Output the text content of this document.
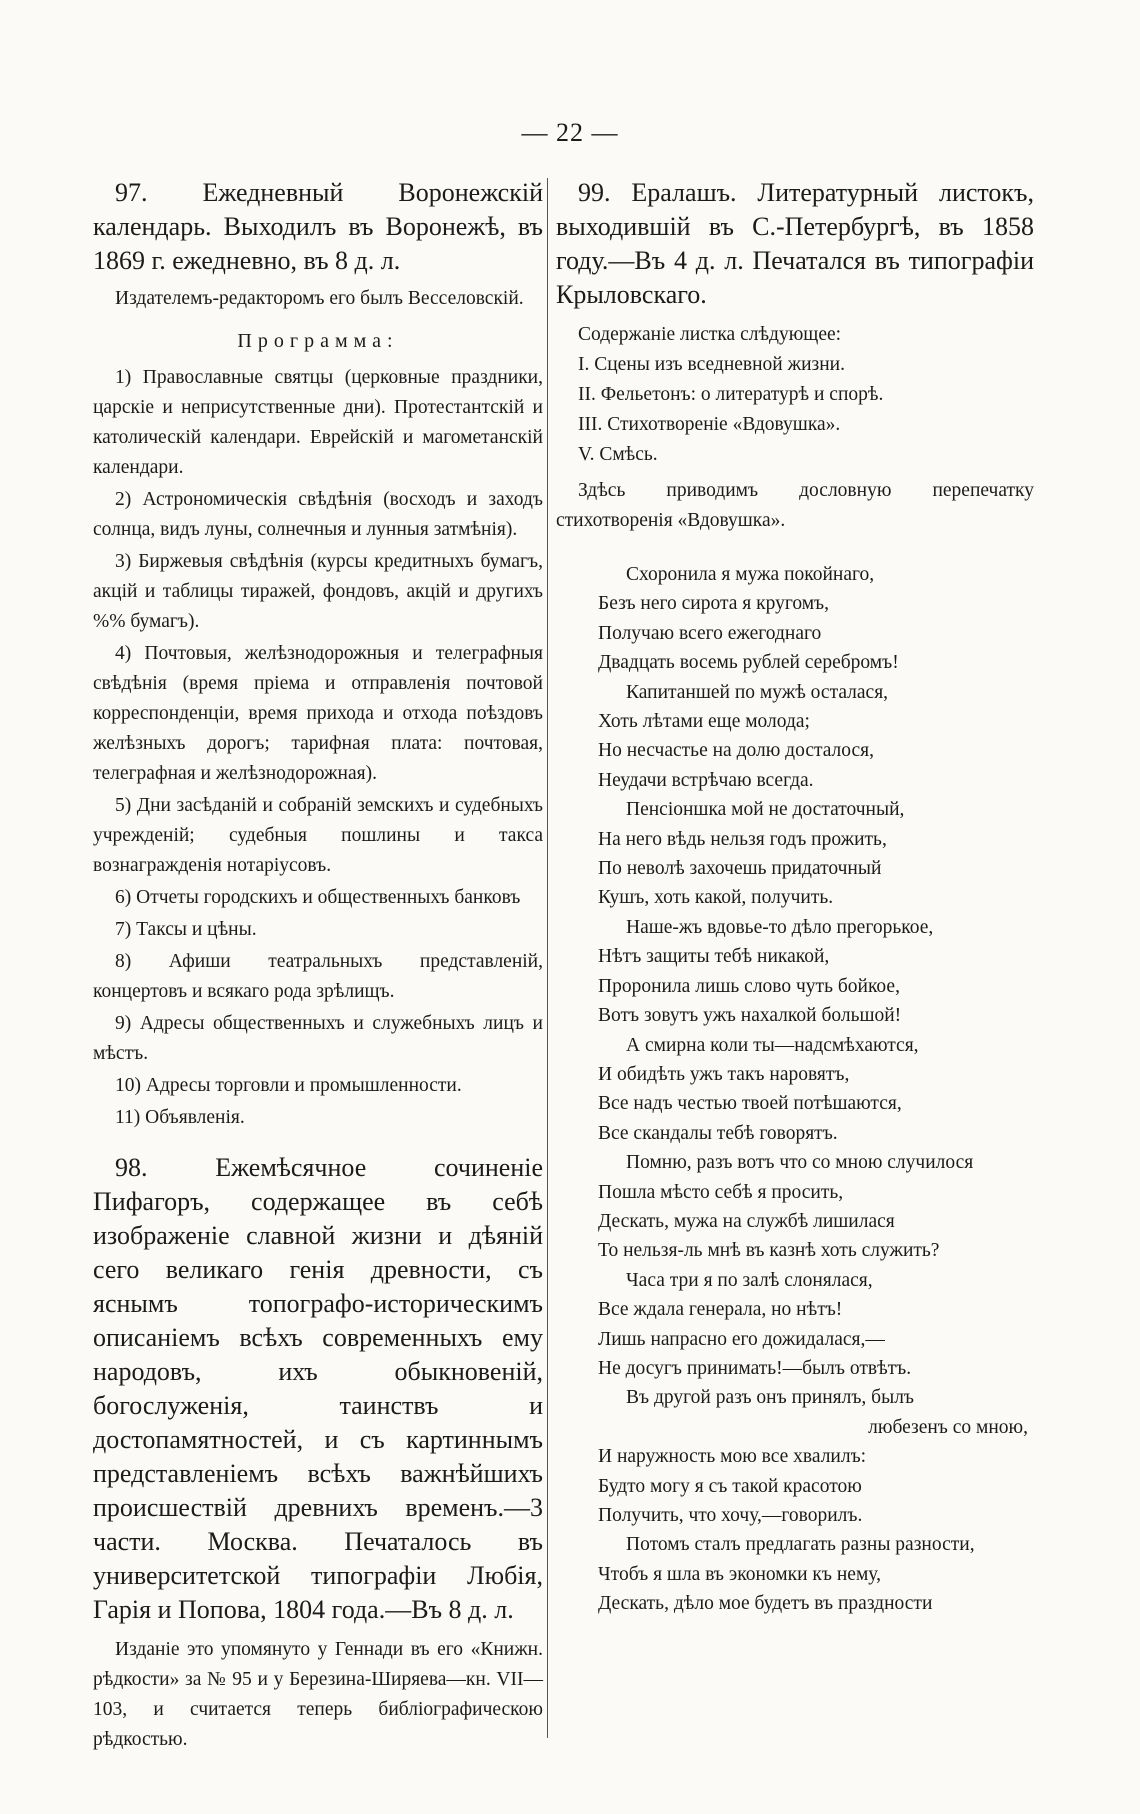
— 22 —

97. Ежедневный Воронежскій календарь. Выходилъ въ Воронежѣ, въ 1869 г. ежедневно, въ 8 д. л.

Издателемъ-редакторомъ его былъ Весселовскій.

Программа:

1) Православные святцы (церковные праздники, царскіе и неприсутственные дни). Протестантскій и католическій календари. Еврейскій и магометанскій календари.

2) Астрономическія свѣдѣнія (восходъ и заходъ солнца, видъ луны, солнечныя и лунныя затмѣнія).

3) Биржевыя свѣдѣнія (курсы кредитныхъ бумагъ, акцій и таблицы тиражей, фондовъ, акцій и другихъ %% бумагъ).

4) Почтовыя, желѣзнодорожныя и телеграфныя свѣдѣнія (время пріема и отправленія почтовой корреспонденціи, время прихода и отхода поѣздовъ желѣзныхъ дорогъ; тарифная плата: почтовая, телеграфная и желѣзнодорожная).

5) Дни засѣданій и собраній земскихъ и судебныхъ учрежденій; судебныя пошлины и такса вознагражденія нотаріусовъ.

6) Отчеты городскихъ и общественныхъ банковъ

7) Таксы и цѣны.

8) Афиши театральныхъ представленій, концертовъ и всякаго рода зрѣлищъ.

9) Адресы общественныхъ и служебныхъ лицъ и мѣстъ.

10) Адресы торговли и промышленности.

11) Объявленія.

98. Ежемѣсячное сочиненіе Пифагоръ, содержащее въ себѣ изображеніе славной жизни и дѣяній сего великаго генія древности, съ яснымъ топографо-историческимъ описаніемъ всѣхъ современныхъ ему народовъ, ихъ обыкновеній, богослуженія, таинствъ и достопамятностей, и съ картиннымъ представленіемъ всѣхъ важнѣйшихъ происшествій древнихъ временъ.—3 части. Москва. Печаталось въ университетской типографіи Любія, Гарія и Попова, 1804 года.—Въ 8 д. л.

Изданіе это упомянуто у Геннади въ его «Книжн. рѣдкости» за № 95 и у Березина-Ширяева—кн. VII—103, и считается теперь библіографическою рѣдкостью.

99. Ералашъ. Литературный листокъ, выходившій въ С.-Петербургѣ, въ 1858 году.—Въ 4 д. л. Печатался въ типографіи Крыловскаго.

Содержаніе листка слѣдующее:

I. Сцены изъ вседневной жизни.

II. Фельетонъ: о литературѣ и спорѣ.

III. Стихотвореніе «Вдовушка».

V. Смѣсь.

Здѣсь приводимъ дословную перепечатку стихотворенія «Вдовушка».

Схоронила я мужа покойнаго,
Безъ него сирота я кругомъ,
Получаю всего ежегоднаго
Двадцать восемь рублей серебромъ!
Капитаншей по мужѣ осталася,
Хоть лѣтами еще молода;
Но несчастье на долю досталося,
Неудачи встрѣчаю всегда.
Пенсіоншка мой не достаточный,
На него вѣдь нельзя годъ прожить,
По неволѣ захочешь придаточный
Кушъ, хоть какой, получить.
Наше-жъ вдовье-то дѣло прегорькое,
Нѣтъ защиты тебѣ никакой,
Проронила лишь слово чуть бойкое,
Вотъ зовутъ ужъ нахалкой большой!
А смирна коли ты—надсмѣхаются,
И обидѣть ужъ такъ наровятъ,
Все надъ честью твоей потѣшаются,
Все скандалы тебѣ говорятъ.
Помню, разъ вотъ что со мною случилося
Пошла мѣсто себѣ я просить,
Дескать, мужа на службѣ лишилася
То нельзя-ль мнѣ въ казнѣ хоть служить?
Часа три я по залѣ слонялася,
Все ждала генерала, но нѣтъ!
Лишь напрасно его дожидалася,—
Не досугъ принимать!—былъ отвѣтъ.
Въ другой разъ онъ принялъ, былъ
любезенъ со мною,
И наружность мою все хвалилъ:
Будто могу я съ такой красотою
Получить, что хочу,—говорилъ.
Потомъ сталъ предлагать разны разности,
Чтобъ я шла въ экономки къ нему,
Дескать, дѣло мое будетъ въ праздности
